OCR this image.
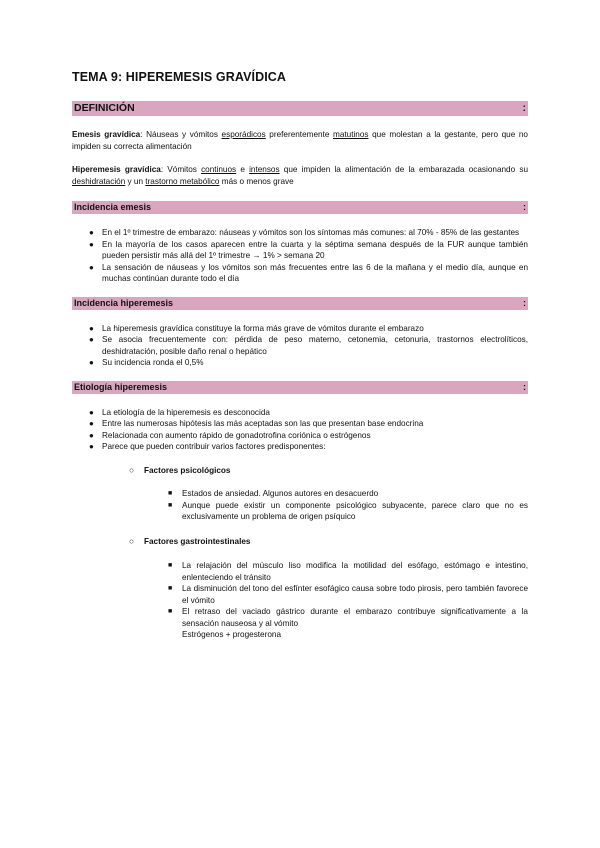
TEMA 9: HIPEREMESIS GRAVÍDICA
DEFINICIÓN	:

Emesis gravídica: Náuseas y vómitos esporádicos preferentemente matutinos que molestan a la gestante, pero que no impiden su correcta alimentación

Hiperemesis gravídica: Vómitos continuos e intensos que impiden la alimentación de la embarazada ocasionando su deshidratación y un trastorno metabólico más o menos grave

Incidencia emesis	:
● En el 1º trimestre de embarazo: náuseas y vómitos son los síntomas más comunes: al 70% - 85% de las gestantes
● En la mayoría de los casos aparecen entre la cuarta y la séptima semana después de la FUR aunque también pueden persistir más allá del 1º trimestre → 1% > semana 20
● La sensación de náuseas y los vómitos son más frecuentes entre las 6 de la mañana y el medio día, aunque en muchas continúan durante todo el día
Incidencia hiperemesis	:
● La hiperemesis gravídica constituye la forma más grave de vómitos durante el embarazo
● Se asocia frecuentemente con: pérdida de peso materno, cetonemia, cetonuria, trastornos electrolíticos, deshidratación, posible daño renal o hepático
● Su incidencia ronda el 0,5%
Etiología hiperemesis	:
● La etiología de la hiperemesis es desconocida
● Entre las numerosas hipótesis las más aceptadas son las que presentan base endocrina
● Relacionada con aumento rápido de gonadotrofina coriónica o estrógenos
● Parece que pueden contribuir varios factores predisponentes:
○ Factores psicológicos
■ Estados de ansiedad. Algunos autores en desacuerdo
■ Aunque puede existir un componente psicológico subyacente, parece claro que no es exclusivamente un problema de origen psíquico
○ Factores gastrointestinales
■ La relajación del músculo liso modifica la motilidad del esófago, estómago e intestino, enlenteciendo el tránsito
■ La disminución del tono del esfínter esofágico causa sobre todo pirosis, pero también favorece el vómito
■ El retraso del vaciado gástrico durante el embarazo contribuye significativamente a la sensación nauseosa y al vómito
Estrógenos + progesterona
